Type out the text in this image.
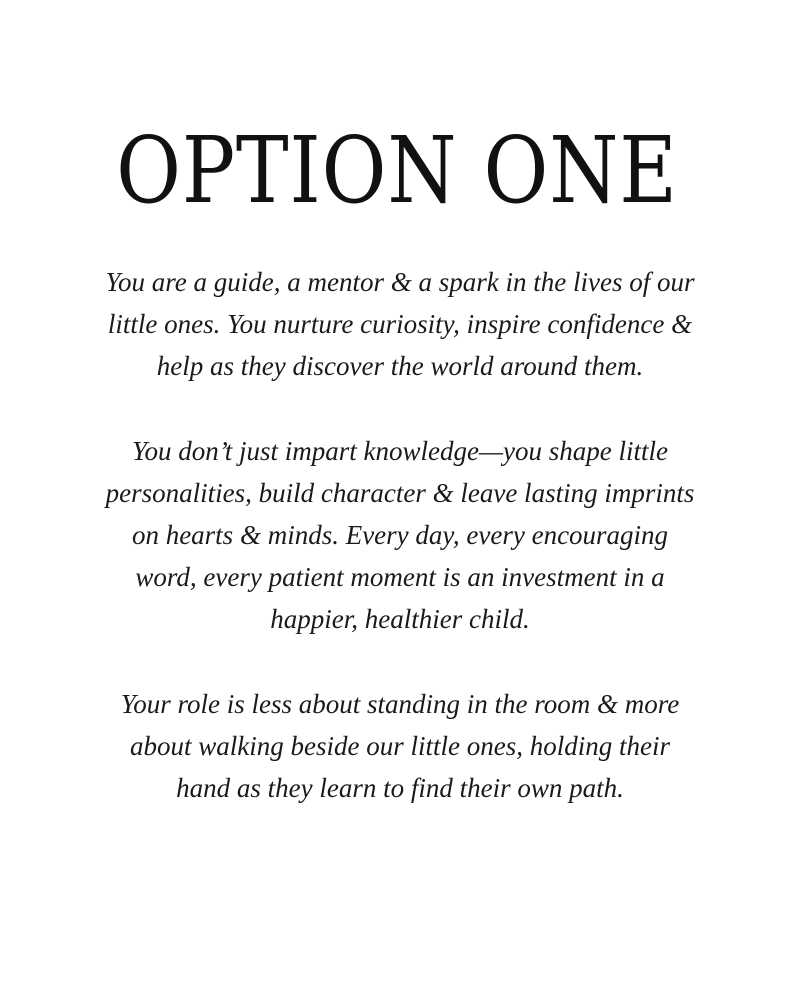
OPTION ONE
You are a guide, a mentor & a spark in the lives of our
little ones. You nurture curiosity, inspire confidence &
help as they discover the world around them.
You don’t just impart knowledge—you shape little
personalities, build character & leave lasting imprints
on hearts & minds. Every day, every encouraging
word, every patient moment is an investment in a
happier, healthier child.
Your role is less about standing in the room & more
about walking beside our little ones, holding their
hand as they learn to find their own path.
